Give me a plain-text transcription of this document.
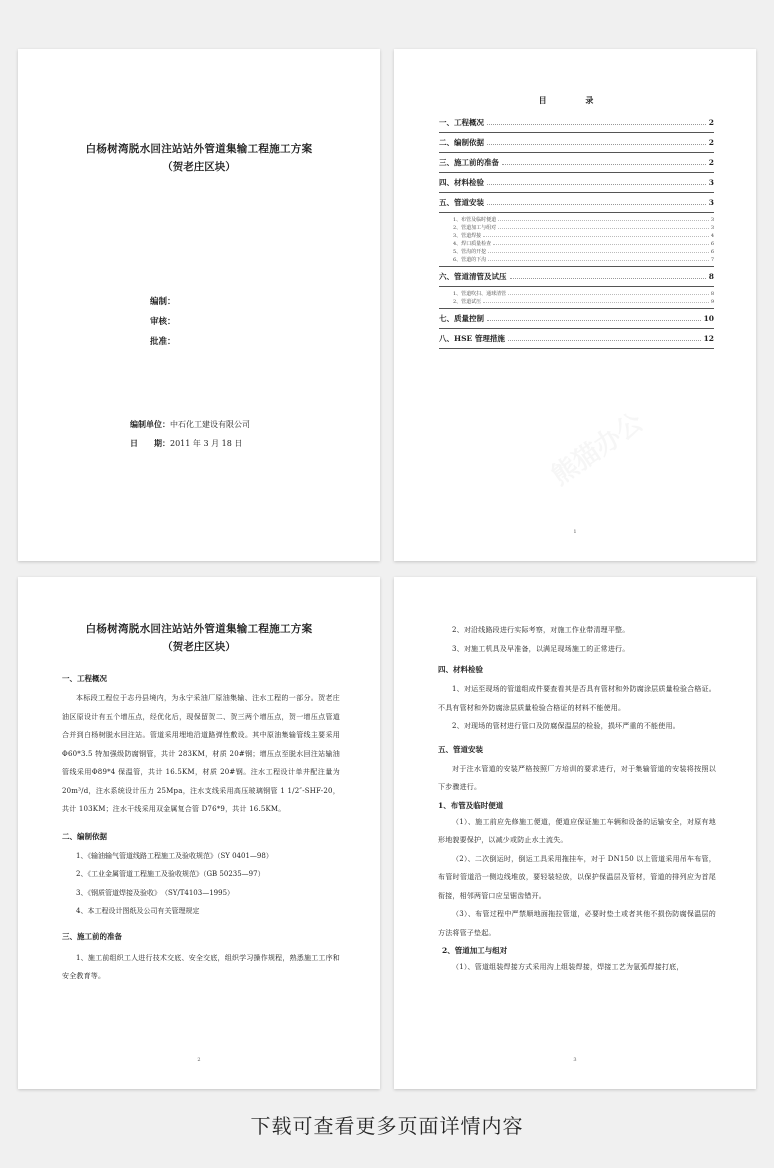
白杨树湾脱水回注站站外管道集输工程施工方案
（贺老庄区块）
编制：
审核：
批准：
编制单位：中石化工建设有限公司
日　　期：2011 年 3 月 18 日
目 录
一、工程概况	2
二、编制依据	2
三、施工前的准备	2
四、材料检验	3
五、管道安装	3
1、布管及临时便道	3
2、管道加工与组对	3
3、管道焊接	4
4、焊口质量检查	6
5、管沟的开挖	6
6、管道的下沟	7
六、管道清管及试压	8
1、管道吹扫、通球清管	8
2、管道试压	9
七、质量控制	10
八、HSE 管理措施	12
1
白杨树湾脱水回注站站外管道集输工程施工方案
（贺老庄区块）

一、工程概况

本标段工程位于志丹县境内，为永宁采油厂原油集输、注水工程的一部分。贺老庄油区原设计有五个增压点，经优化后，现保留贺二、贺三两个增压点，贺一增压点管道合并到白杨树脱水回注站。管道采用埋地沿道路弹性敷设。其中原油集输管线主要采用Φ60*3.5 特加强级防腐钢管，共计 283KM，材质 20#钢；增压点至脱水回注站输油管线采用Φ89*4 保温管，共计 16.5KM，材质 20#钢。注水工程设计单井配注量为 20m³/d，注水系统设计压力 25Mpa，注水支线采用高压玻璃钢管 1 1/2″-SHF-20，共计 103KM；注水干线采用双金属复合管 D76*9，共计 16.5KM。

二、编制依据

1、《输油输气管道线路工程施工及验收规范》（SY 0401—98）

2、《工业金属管道工程施工及验收规范》（GB 50235—97）

3、《钢质管道焊接及验收》　（SY/T4103—1995）

4、本工程设计图纸及公司有关管理规定

三、施工前的准备

1、施工前组织工人进行技术交底、安全交底，组织学习操作规程，熟悉施工工序和安全教育等。

2

2、对沿线路段进行实际考察，对施工作业带清理平整。

3、对施工机具及早准备，以满足现场施工的正常进行。

四、材料检验

1、对运至现场的管道组成件要查看其是否具有管材和外防腐涂层质量检验合格证。不具有管材和外防腐涂层质量检验合格证的材料不能使用。

2、对现场的管材进行管口及防腐保温层的检验，损坏严重的不能使用。

五、管道安装

对于注水管道的安装严格按照厂方培训的要求进行，对于集输管道的安装将按照以下步骤进行。

1、布管及临时便道

（1）、施工前应先修施工便道，便道应保证施工车辆和设备的运输安全，对原有地形地貌要保护，以减少或防止水土流失。

（2）、二次倒运时，倒运工具采用拖挂车，对于 DN150 以上管道采用吊车布管，布管时管道沿一侧边线堆放，要轻装轻放，以保护保温层及管材，管道的排列应为首尾衔接，相邻两管口应呈锯齿错开。

（3）、布管过程中严禁顺地面拖拉管道，必要时垫土或者其他不损伤防腐保温层的方法将管子垫起。

2、管道加工与组对

（1）、管道组装焊接方式采用沟上组装焊接，焊接工艺为氩弧焊接打底，

3
下载可查看更多页面详情内容
